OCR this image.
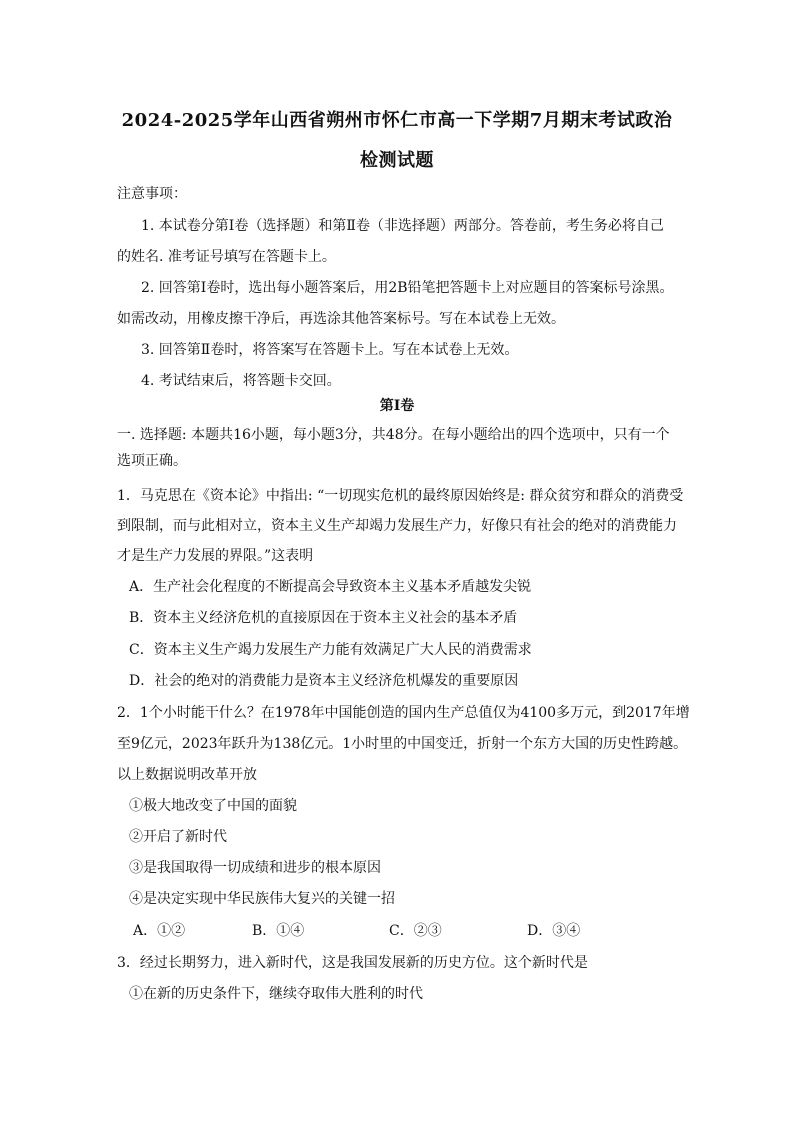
2024-2025学年山西省朔州市怀仁市高一下学期7月期末考试政治
检测试题
注意事项：
1. 本试卷分第Ⅰ卷（选择题）和第Ⅱ卷（非选择题）两部分。答卷前，考生务必将自己
的姓名. 准考证号填写在答题卡上。
2. 回答第Ⅰ卷时，选出每小题答案后，用2B铅笔把答题卡上对应题目的答案标号涂黑。
如需改动，用橡皮擦干净后，再选涂其他答案标号。写在本试卷上无效。
3. 回答第Ⅱ卷时，将答案写在答题卡上。写在本试卷上无效。
4. 考试结束后，将答题卡交回。
第Ⅰ卷
一. 选择题: 本题共16小题，每小题3分，共48分。在每小题给出的四个选项中，只有一个
选项正确。
1．马克思在《资本论》中指出: “一切现实危机的最终原因始终是: 群众贫穷和群众的消费受
到限制，而与此相对立，资本主义生产却竭力发展生产力，好像只有社会的绝对的消费能力
才是生产力发展的界限。”这表明
A．生产社会化程度的不断提高会导致资本主义基本矛盾越发尖锐
B．资本主义经济危机的直接原因在于资本主义社会的基本矛盾
C．资本主义生产竭力发展生产力能有效满足广大人民的消费需求
D．社会的绝对的消费能力是资本主义经济危机爆发的重要原因
2．1个小时能干什么？在1978年中国能创造的国内生产总值仅为4100多万元，到2017年增
至9亿元，2023年跃升为138亿元。1小时里的中国变迁，折射一个东方大国的历史性跨越。
以上数据说明改革开放
①极大地改变了中国的面貌
②开启了新时代
③是我国取得一切成绩和进步的根本原因
④是决定实现中华民族伟大复兴的关键一招
A．①②	B．①④	C．②③	D．③④
3．经过长期努力，进入新时代，这是我国发展新的历史方位。这个新时代是
①在新的历史条件下，继续夺取伟大胜利的时代
